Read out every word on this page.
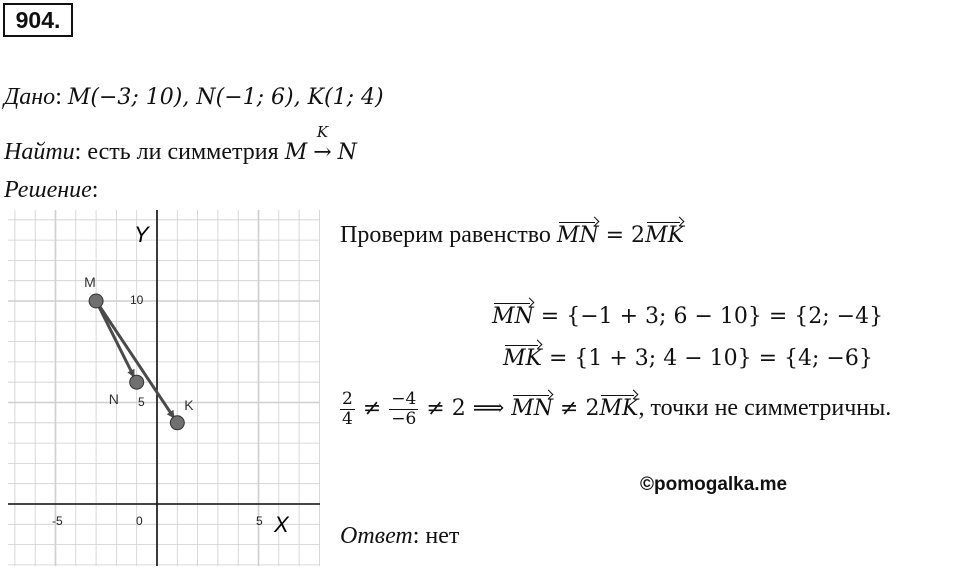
904.
Дано: M(−3; 10), N(−1; 6), K(1; 4)
Найти: есть ли симметрия M
K
→ N
Решение:
Проверим равенство MN = 2MK
MN = {−1 + 3; 6 − 10} = {2; −4}
MK = {1 + 3; 4 − 10} = {4; −6}
$\frac{2}{4} \ne \frac{-4}{-6} \ne 2$ ⟹ MN ≠ 2MK, точки не симметричны.
©pomogalka.me
Ответ: нет
M
N	K
Y
X
-5	0	5
10
5
